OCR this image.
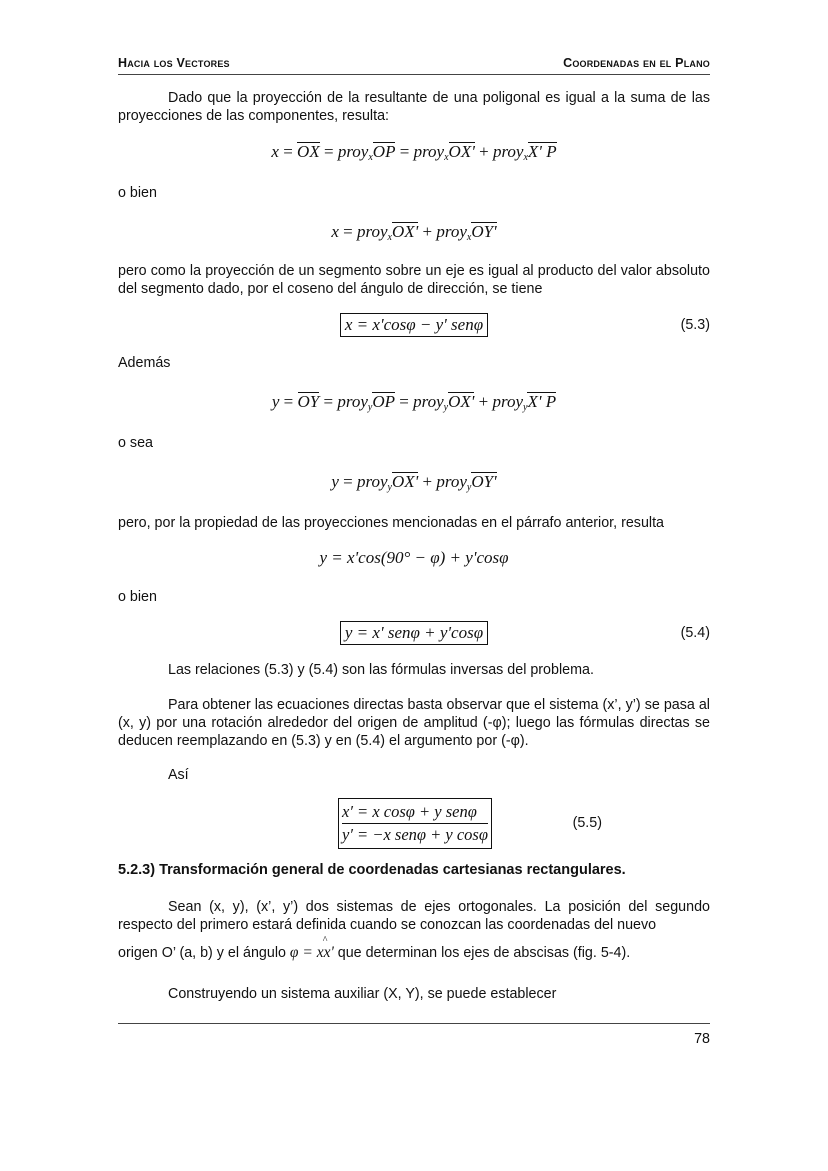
Hacia los Vectores	Coordenadas en el Plano
Dado que la proyección de la resultante de una poligonal es igual a la suma de las proyecciones de las componentes, resulta:
x = OX = proy$_x$OP = proy$_x$OX' + proy$_x$X' P
o bien
x = proy$_x$OX' + proy$_x$OY'
pero como la proyección de un segmento sobre un eje es igual al producto del valor absoluto del segmento dado, por el coseno del ángulo de dirección, se tiene
x = x'cosφ − y' senφ	(5.3)
Además
y = OY = proy$_y$OP = proy$_y$OX' + proy$_y$X' P
o sea
y = proy$_y$OX' + proy$_y$OY'
pero, por la propiedad de las proyecciones mencionadas en el párrafo anterior, resulta
y = x'cos(90° − φ) + y'cosφ
o bien
y = x' senφ + y'cosφ	(5.4)
Las relaciones (5.3) y (5.4) son las fórmulas inversas del problema.
Para obtener las ecuaciones directas basta observar que el sistema (x’, y’) se pasa al (x, y) por una rotación alrededor del origen de amplitud (-φ); luego las fórmulas directas se deducen reemplazando en (5.3) y en (5.4) el argumento por (-φ).
Así
x′ = x cosφ + y senφ
y′ = −x senφ + y cosφ
(5.5)
5.2.3) Transformación general de coordenadas cartesianas rectangulares.
Sean (x, y), (x’, y’) dos sistemas de ejes ortogonales. La posición del segundo respecto del primero estará definida cuando se conozcan las coordenadas del nuevo
origen O’ (a, b) y el ángulo φ = ^ xx' que determinan los ejes de abscisas (fig. 5-4).
Construyendo un sistema auxiliar (X, Y), se puede establecer
78
